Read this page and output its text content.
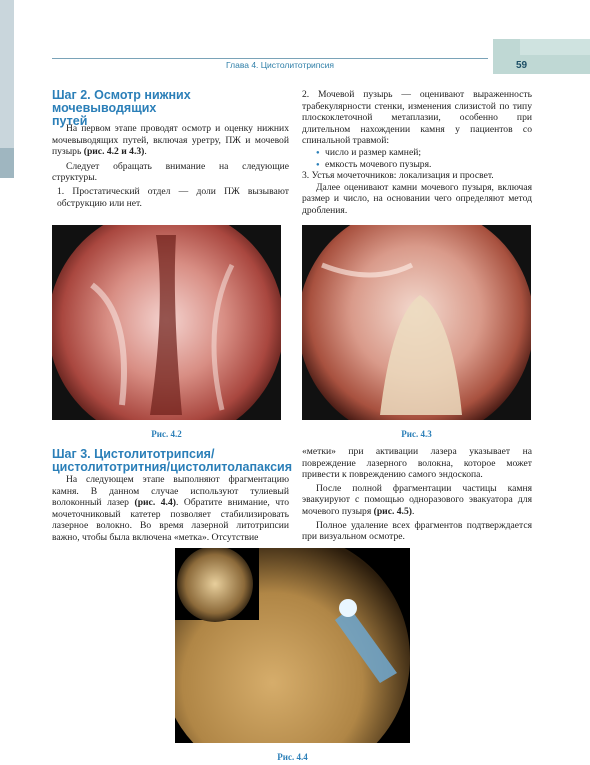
Глава 4. Цистолитотрипсия	59
Шаг 2. Осмотр нижних мочевыводящих
путей
На первом этапе проводят осмотр и оценку нижних мочевыводящих путей, включая уретру, ПЖ и мочевой пузырь (рис. 4.2 и 4.3).
Следует обращать внимание на следующие структуры.
1. Простатический отдел — доли ПЖ вызывают обструкцию или нет.
2. Мочевой пузырь — оценивают выраженность трабекулярности стенки, изменения слизистой по типу плоскоклеточной метаплазии, особенно при длительном нахождении камня у пациентов со спинальной травмой:
● число и размер камней;
● емкость мочевого пузыря.
3. Устья мочеточников: локализация и просвет.
Далее оценивают камни мочевого пузыря, включая размер и число, на основании чего определяют метод дробления.
Рис. 4.2	Рис. 4.3
Шаг 3. Цистолитотрипсия/
цистолитотритния/цистолитолапаксия
На следующем этапе выполняют фрагментацию камня. В данном случае используют тулиевый волоконный лазер (рис. 4.4). Обратите внимание, что мочеточниковый катетер позволяет стабилизировать лазерное волокно. Во время лазерной литотрипсии важно, чтобы была включена «метка». Отсутствие
«метки» при активации лазера указывает на повреждение лазерного волокна, которое может привести к повреждению самого эндоскопа.
После полной фрагментации частицы камня эвакуируют с помощью одноразового эвакуатора для мочевого пузыря (рис. 4.5).
Полное удаление всех фрагментов подтверждается при визуальном осмотре.
Рис. 4.4
